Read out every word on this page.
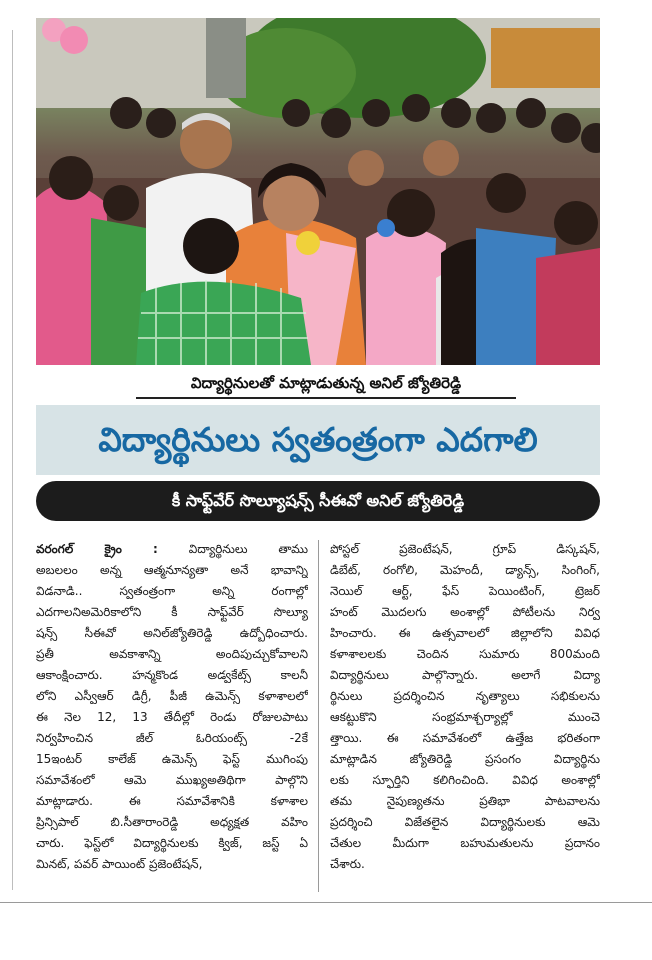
విద్యార్థినులతో మాట్లాడుతున్న అనిల్ జ్యోతిరెడ్డి
విద్యార్థినులు స్వతంత్రంగా ఎదగాలి
కీ సాఫ్ట్‌వేర్ సొల్యూషన్స్ సీఈవో అనిల్ జ్యోతిరెడ్డి
వరంగల్ క్రైం :	విద్యార్థినులు తాము
అబలలం అన్న ఆత్మనూన్యతా అనే భావాన్ని
విడనాడి.. స్వతంత్రంగా అన్ని రంగాల్లో
ఎదగాలనిఅమెరికాలోని కీ సాఫ్ట్‌వేర్ సొల్యూ
షన్స్ సీఈవో అనిల్‌జ్యోతిరెడ్డి ఉద్బోధించారు.
ప్రతీ అవకాశాన్ని అందిపుచ్చుకోవాలని
ఆకాంక్షించారు. హన్మకొండ అడ్వకేట్స్ కాలనీ
లోని ఎస్వీఆర్ డిగ్రీ, పీజీ ఉమెన్స్ కళాశాలలో
ఈ నెల 12, 13 తేదీల్లో రెండు రోజులపాటు
నిర్వహించిన జీల్ ఓరియంట్స్ -2కే
15ఇంటర్ కాలేజ్ ఉమెన్స్ ఫెస్ట్ ముగింపు
సమావేశంలో ఆమె ముఖ్యఅతిథిగా పాల్గొని
మాట్లాడారు. ఈ సమావేశానికి కళాశాల
ప్రిన్సిపాల్ బి.సీతారాంరెడ్డి అధ్యక్షత వహిం
చారు. ఫెస్ట్‌లో విద్యార్థినులకు క్విజ్, జస్ట్ ఏ
మినట్, పవర్ పాయింట్ ప్రజెంటేషన్,
పోస్టల్ ప్రజెంటేషన్, గ్రూప్ డిస్కషన్,
డిబేట్, రంగోలి, మెహందీ, డ్యాన్స్, సింగింగ్,
నెయిల్ ఆర్ట్, ఫేస్ పెయింటింగ్, ట్రెజర్
హంట్ మొదలగు అంశాల్లో పోటీలను నిర్వ
హించారు. ఈ ఉత్సవాలలో జిల్లాలోని వివిధ
కళాశాలలకు చెందిన సుమారు 800మంది
విద్యార్థినులు పాల్గొన్నారు. అలాగే విద్యా
ర్థినులు ప్రదర్శించిన నృత్యాలు సభికులను
ఆకట్టుకొని సంభ్రమాశ్చర్యాల్లో ముంచె
త్తాయి. ఈ సమావేశంలో ఉత్తేజ భరితంగా
మాట్లాడిన జ్యోతిరెడ్డి ప్రసంగం విద్యార్థిను
లకు స్ఫూర్తిని కలిగించింది. వివిధ అంశాల్లో
తమ నైపుణ్యతను ప్రతిభా పాటవాలను
ప్రదర్శించి విజేతలైన విద్యార్థినులకు ఆమె
చేతుల మీదుగా బహుమతులను ప్రదానం
చేశారు.
